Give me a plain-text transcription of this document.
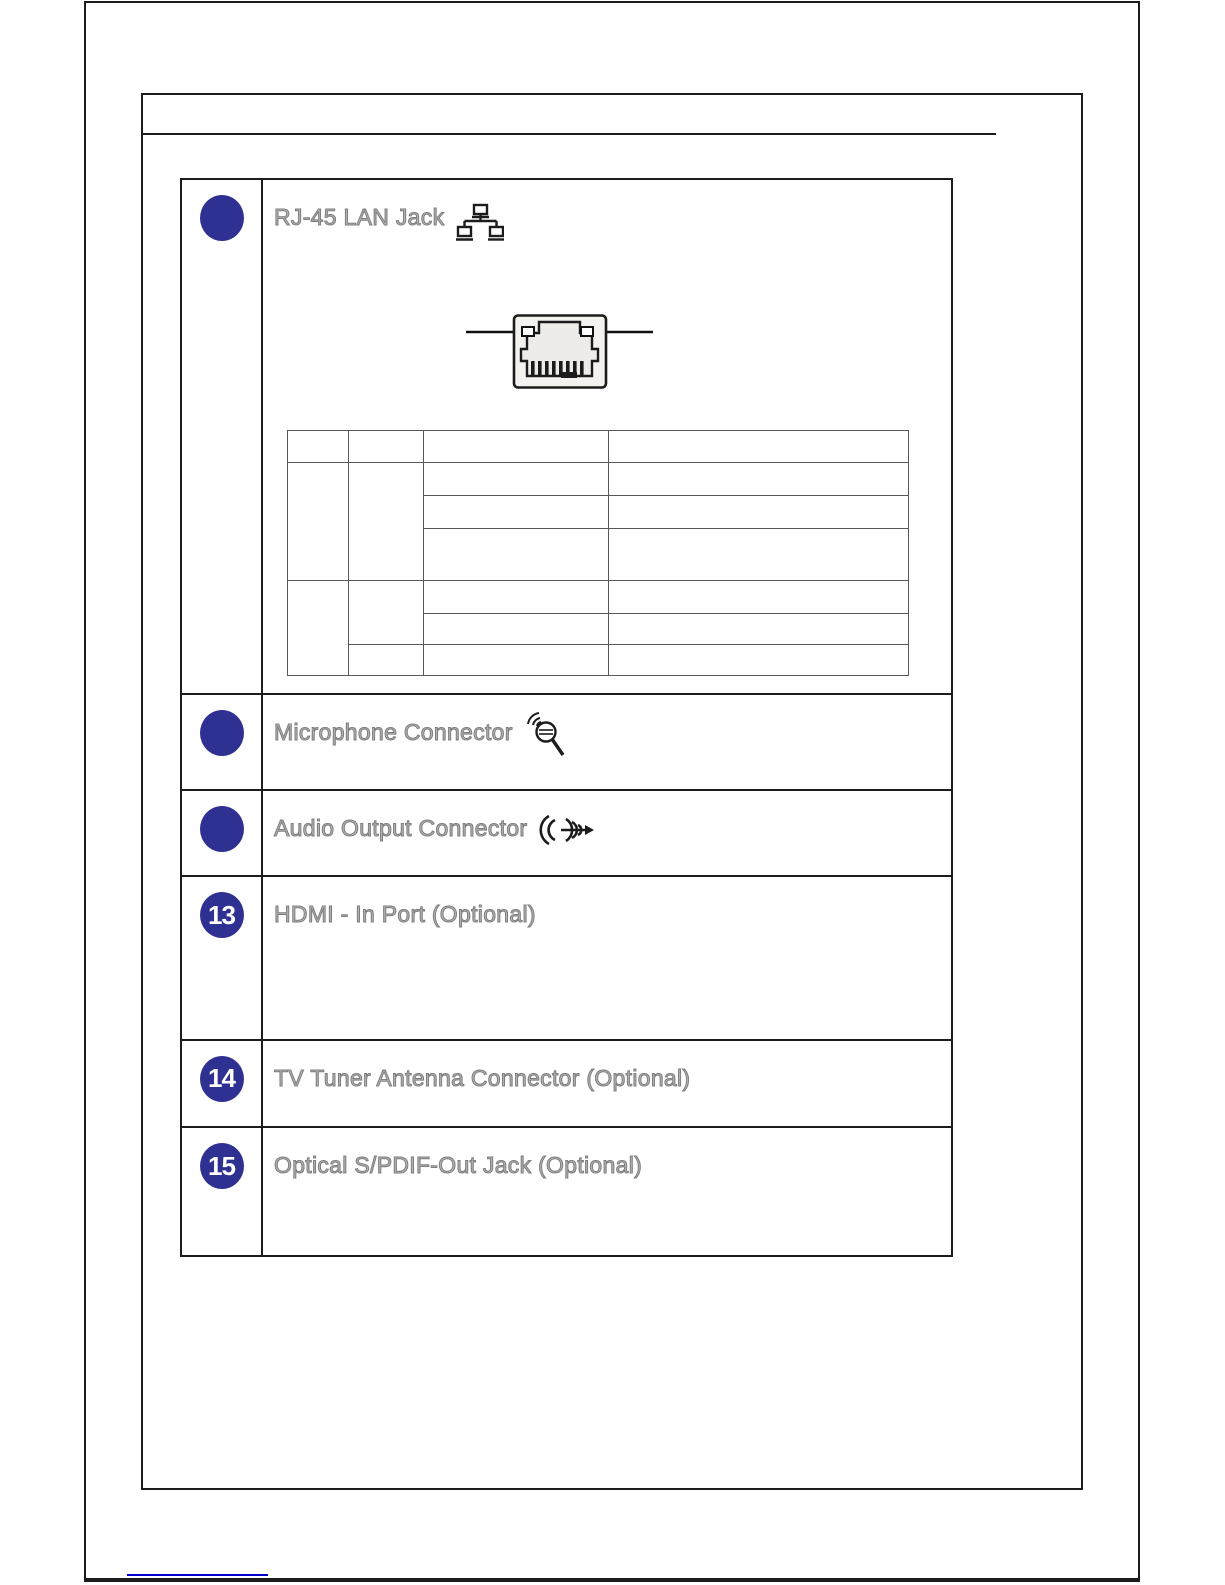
RJ-45 LAN Jack

Microphone Connector
Audio Output Connector
13	HDMI - In Port (Optional)
14	TV Tuner Antenna Connector (Optional)
15	Optical S/PDIF-Out Jack (Optional)
